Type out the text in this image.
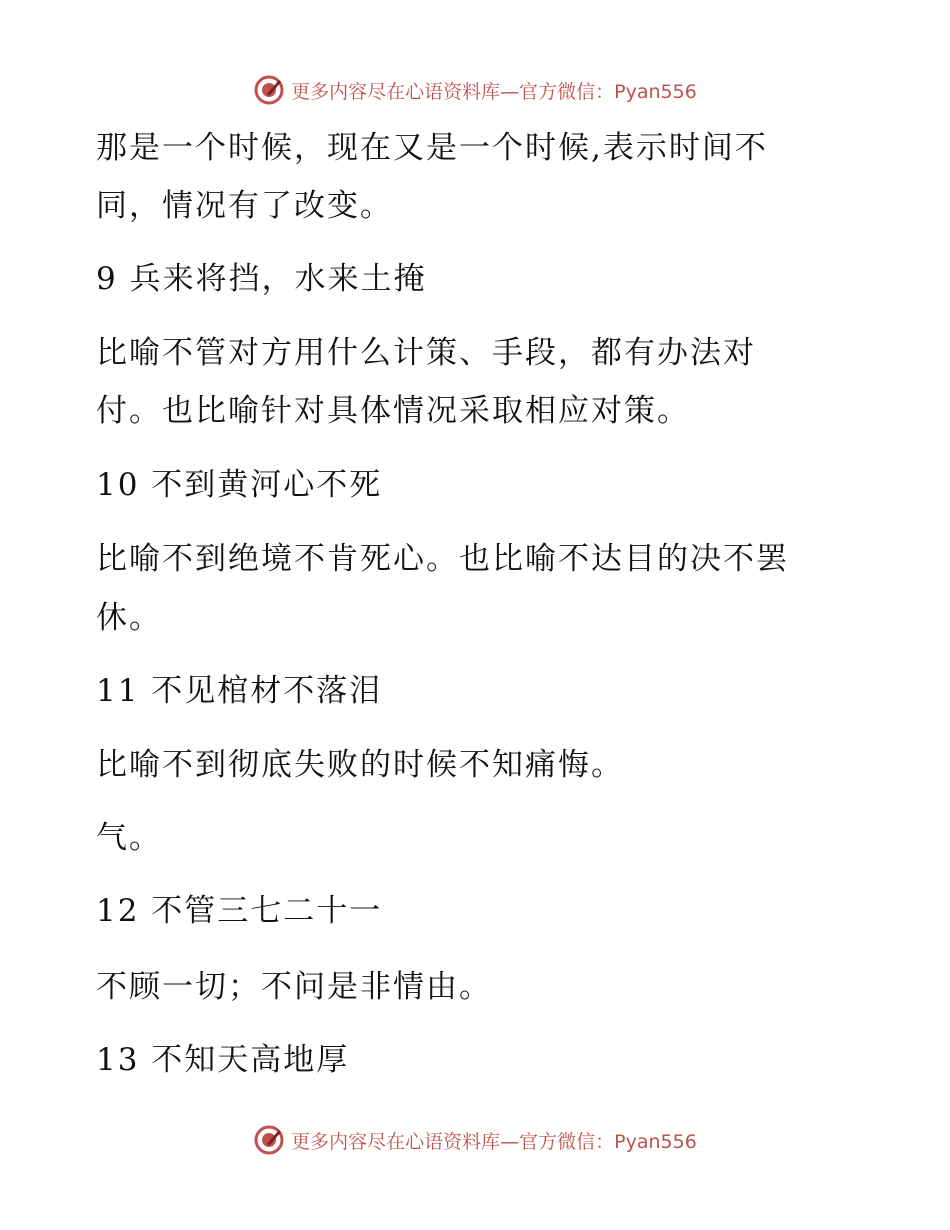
更多内容尽在心语资料库—官方微信：Pyan556
那是一个时候，现在又是一个时候,表示时间不
同，情况有了改变。
9 兵来将挡，水来土掩
比喻不管对方用什么计策、手段，都有办法对
付。也比喻针对具体情况采取相应对策。
10 不到黄河心不死
比喻不到绝境不肯死心。也比喻不达目的决不罢
休。
11 不见棺材不落泪
比喻不到彻底失败的时候不知痛悔。
气。
12 不管三七二十一
不顾一切；不问是非情由。
13 不知天高地厚
更多内容尽在心语资料库—官方微信：Pyan556
